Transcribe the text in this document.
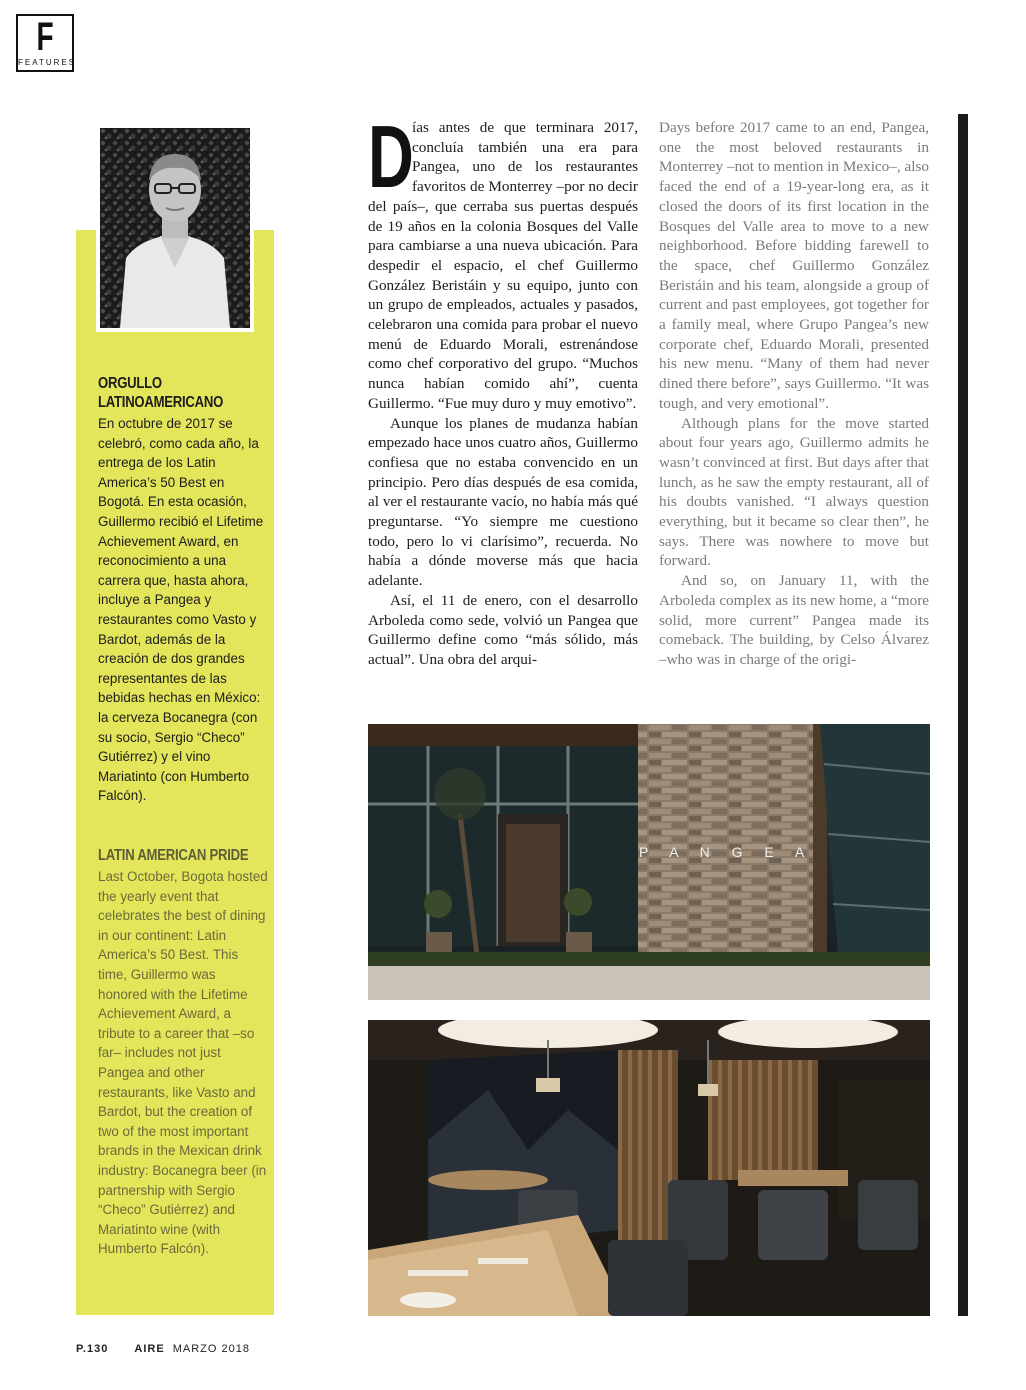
F
FEATURES
ORGULLO LATINOAMERICANO

En octubre de 2017 se celebró, como cada año, la entrega de los Latin America’s 50 Best en Bogotá. En esta ocasión, Guillermo recibió el Lifetime Achievement Award, en reconocimiento a una carrera que, hasta ahora, incluye a Pangea y restaurantes como Vasto y Bardot, además de la creación de dos grandes representantes de las bebidas hechas en México: la cerveza Bocanegra (con su socio, Sergio “Checo” Gutiérrez) y el vino Mariatinto (con Humberto Falcón).

LATIN AMERICAN PRIDE

Last October, Bogota hosted the yearly event that celebrates the best of dining in our continent: Latin America’s 50 Best. This time, Guillermo was honored with the Lifetime Achievement Award, a tribute to a career that –so far– includes not just Pangea and other restaurants, like Vasto and Bardot, but the creation of two of the most important brands in the Mexican drink industry: Bocanegra beer (in partnership with Sergio “Checo” Gutiérrez) and Mariatinto wine (with Humberto Falcón).

D

ías antes de que terminara 2017, concluía también una era para Pangea, uno de los restaurantes favoritos de Monterrey –por no decir del país–, que cerraba sus puertas después de 19 años en la colonia Bosques del Valle para cambiarse a una nueva ubicación. Para despedir el espacio, el chef Guillermo González Beristáin y su equipo, junto con un grupo de empleados, actuales y pasados, celebraron una comida para probar el nuevo menú de Eduardo Morali, estrenándose como chef corporativo del grupo. “Muchos nunca habían comido ahí”, cuenta Guillermo. “Fue muy duro y muy emotivo”.

Aunque los planes de mudanza habían empezado hace unos cuatro años, Guillermo confiesa que no estaba convencido en un principio. Pero días después de esa comida, al ver el restaurante vacío, no había más qué preguntarse. “Yo siempre me cuestiono todo, pero lo vi clarísimo”, recuerda. No había a dónde moverse más que hacia adelante.

Así, el 11 de enero, con el desarrollo Arboleda como sede, volvió un Pangea que Guillermo define como “más sólido, más actual”. Una obra del arqui-

Days before 2017 came to an end, Pangea, one the most beloved restaurants in Monterrey –not to mention in Mexico–, also faced the end of a 19-year-long era, as it closed the doors of its first location in the Bosques del Valle area to move to a new neighborhood. Before bidding farewell to the space, chef Guillermo González Beristáin and his team, alongside a group of current and past employees, got together for a family meal, where Grupo Pangea’s new corporate chef, Eduardo Morali, presented his new menu. “Many of them had never dined there before”, says Guillermo. “It was tough, and very emotional”.

Although plans for the move started about four years ago, Guillermo admits he wasn’t convinced at first. But days after that lunch, as he saw the empty restaurant, all of his doubts vanished. “I always question everything, but it became so clear then”, he says. There was nowhere to move but forward.

And so, on January 11, with the Arboleda complex as its new home, a “more solid, more current” Pangea made its comeback. The building, by Celso Álvarez –who was in charge of the origi-

P A N G E A
P.130 AIRE MARZO 2018
